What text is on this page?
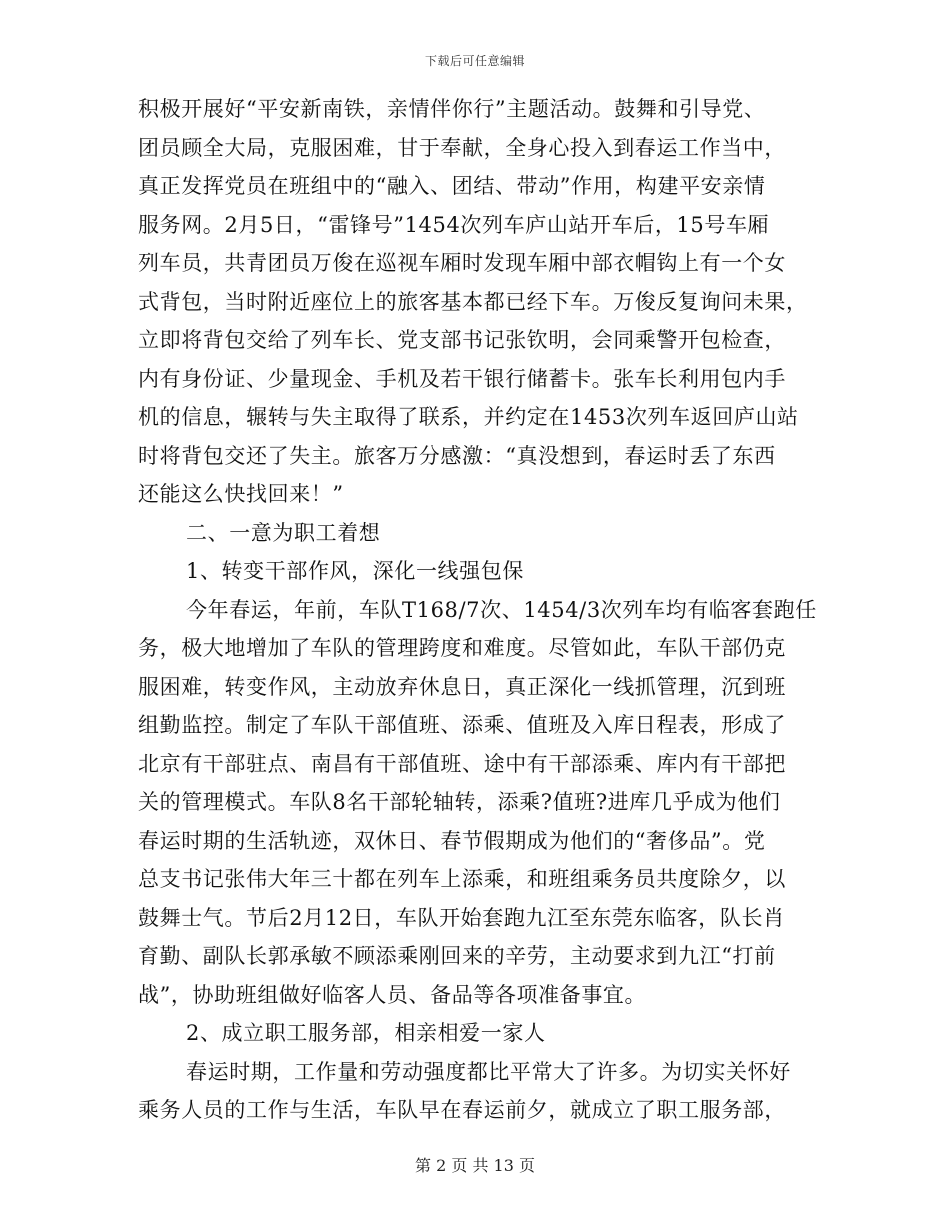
下载后可任意编辑
积极开展好“平安新南铁，亲情伴你行”主题活动。鼓舞和引导党、
团员顾全大局，克服困难，甘于奉献，全身心投入到春运工作当中，
真正发挥党员在班组中的“融入、团结、带动”作用，构建平安亲情
服务网。2月5日，“雷锋号”1454次列车庐山站开车后，15号车厢
列车员，共青团员万俊在巡视车厢时发现车厢中部衣帽钩上有一个女
式背包，当时附近座位上的旅客基本都已经下车。万俊反复询问未果，
立即将背包交给了列车长、党支部书记张钦明，会同乘警开包检查，
内有身份证、少量现金、手机及若干银行储蓄卡。张车长利用包内手
机的信息，辗转与失主取得了联系，并约定在1453次列车返回庐山站
时将背包交还了失主。旅客万分感激：“真没想到，春运时丢了东西
还能这么快找回来！”
二、一意为职工着想
1、转变干部作风，深化一线强包保
今年春运，年前，车队T168/7次、1454/3次列车均有临客套跑任
务，极大地增加了车队的管理跨度和难度。尽管如此，车队干部仍克
服困难，转变作风，主动放弃休息日，真正深化一线抓管理，沉到班
组勤监控。制定了车队干部值班、添乘、值班及入库日程表，形成了
北京有干部驻点、南昌有干部值班、途中有干部添乘、库内有干部把
关的管理模式。车队8名干部轮轴转，添乘?值班?进库几乎成为他们
春运时期的生活轨迹，双休日、春节假期成为他们的“奢侈品”。党
总支书记张伟大年三十都在列车上添乘，和班组乘务员共度除夕，以
鼓舞士气。节后2月12日，车队开始套跑九江至东莞东临客，队长肖
育勤、副队长郭承敏不顾添乘刚回来的辛劳，主动要求到九江“打前
战”，协助班组做好临客人员、备品等各项准备事宜。
2、成立职工服务部，相亲相爱一家人
春运时期，工作量和劳动强度都比平常大了许多。为切实关怀好
乘务人员的工作与生活，车队早在春运前夕，就成立了职工服务部，
第 2 页 共 13 页
